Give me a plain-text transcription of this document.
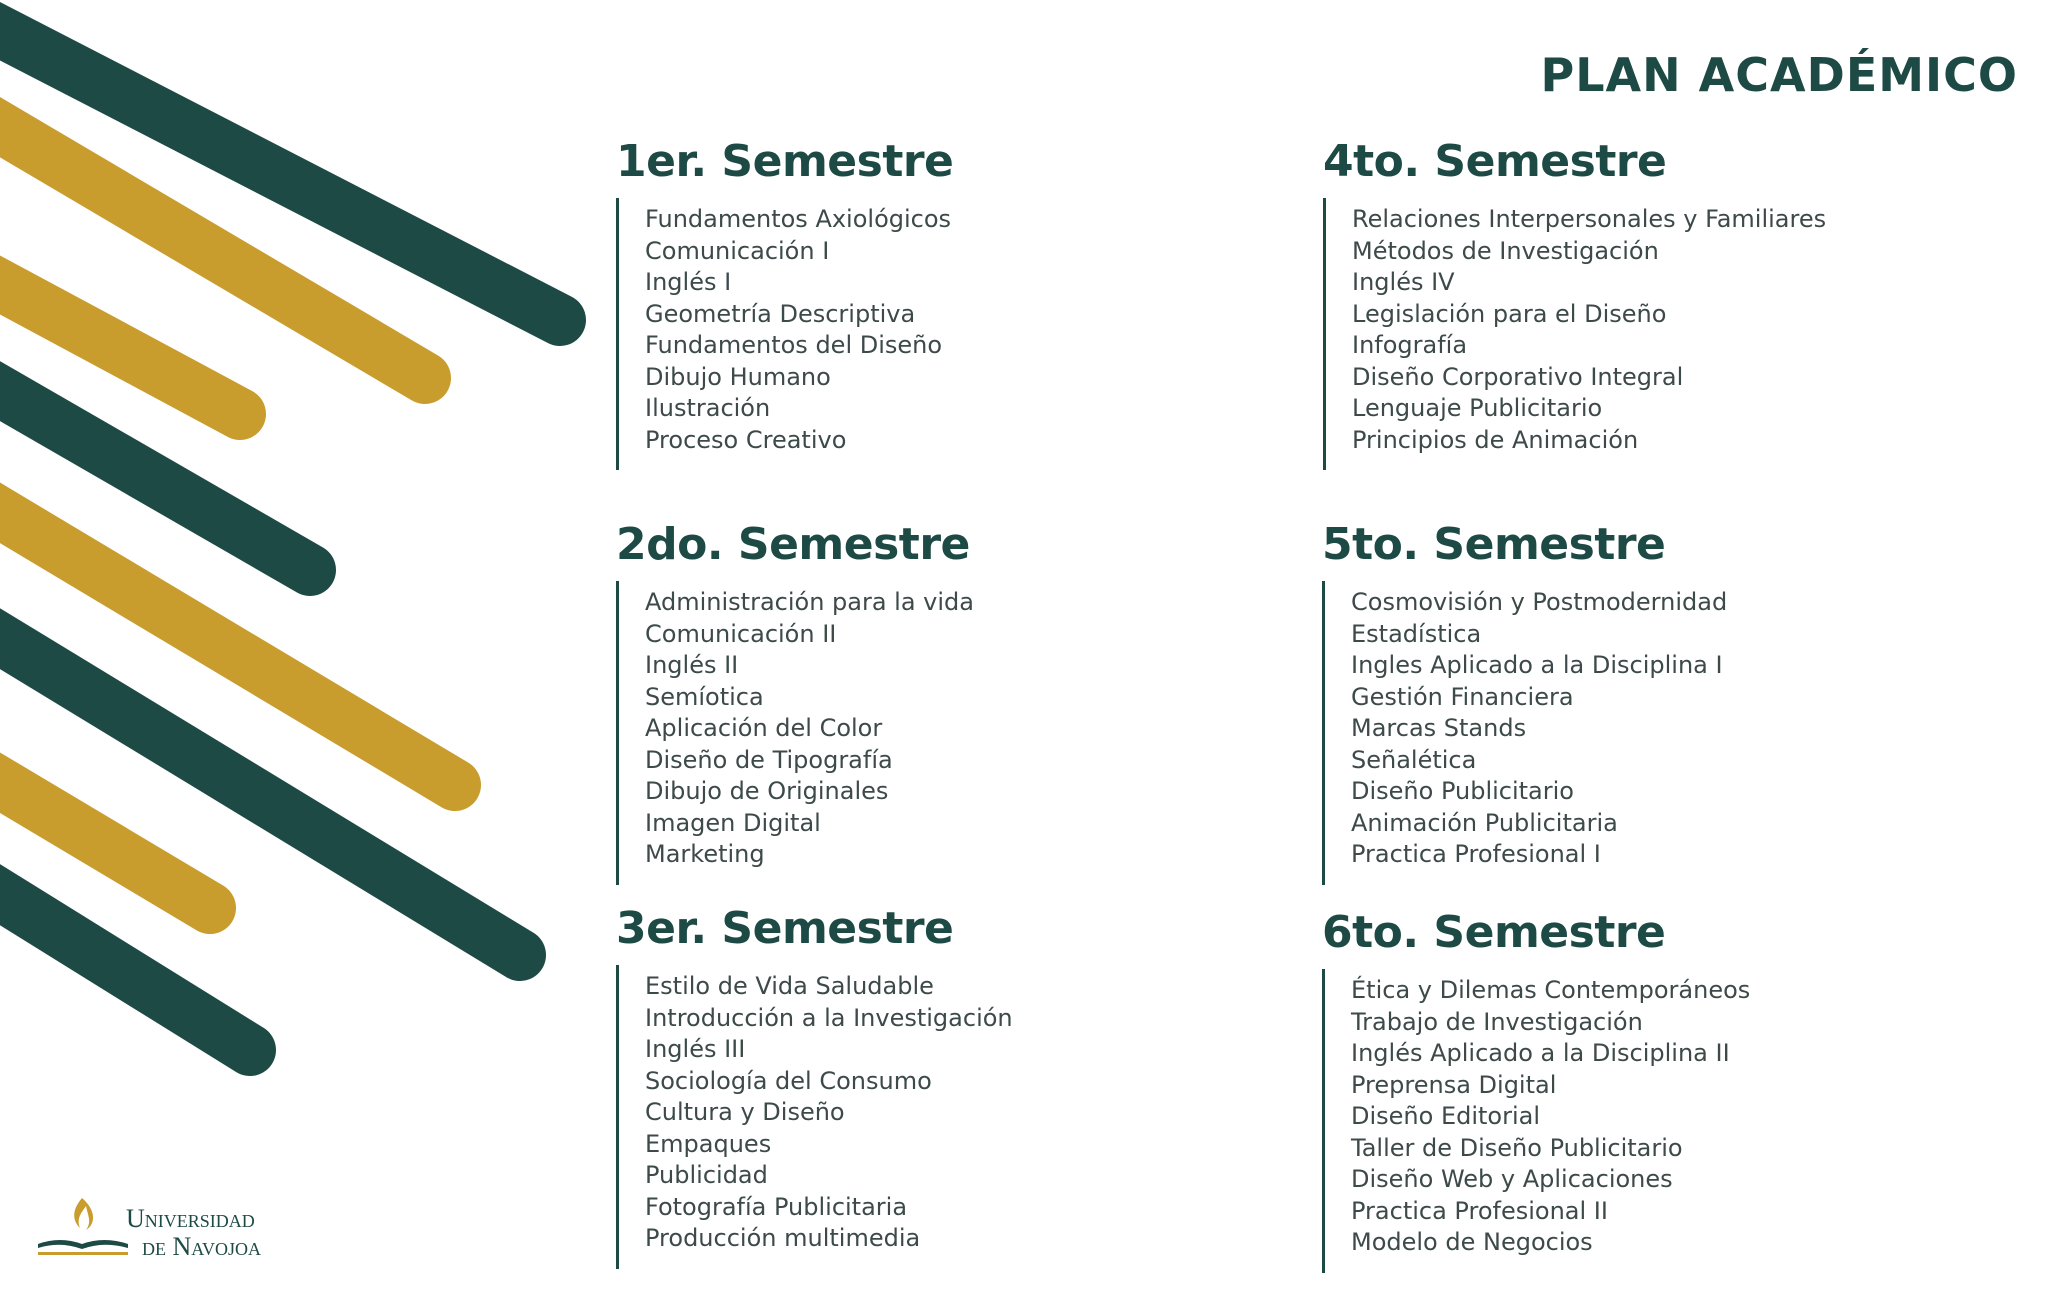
PLAN ACADÉMICO
1er. Semestre
Fundamentos Axiológicos
Comunicación I
Inglés I
Geometría Descriptiva
Fundamentos del Diseño
Dibujo Humano
Ilustración
Proceso Creativo
2do. Semestre
Administración para la vida
Comunicación II
Inglés II
Semíotica
Aplicación del Color
Diseño de Tipografía
Dibujo de Originales
Imagen Digital
Marketing
3er. Semestre
Estilo de Vida Saludable
Introducción a la Investigación
Inglés III
Sociología del Consumo
Cultura y Diseño
Empaques
Publicidad
Fotografía Publicitaria
Producción multimedia
4to. Semestre
Relaciones Interpersonales y Familiares
Métodos de Investigación
Inglés IV
Legislación para el Diseño
Infografía
Diseño Corporativo Integral
Lenguaje Publicitario
Principios de Animación
5to. Semestre
Cosmovisión y Postmodernidad
Estadística
Ingles Aplicado a la Disciplina I
Gestión Financiera
Marcas Stands
Señalética
Diseño Publicitario
Animación Publicitaria
Practica Profesional I
6to. Semestre
Ética y Dilemas Contemporáneos
Trabajo de Investigación
Inglés Aplicado a la Disciplina II
Preprensa Digital
Diseño Editorial
Taller de Diseño Publicitario
Diseño Web y Aplicaciones
Practica Profesional II
Modelo de Negocios
Universidad
de Navojoa
